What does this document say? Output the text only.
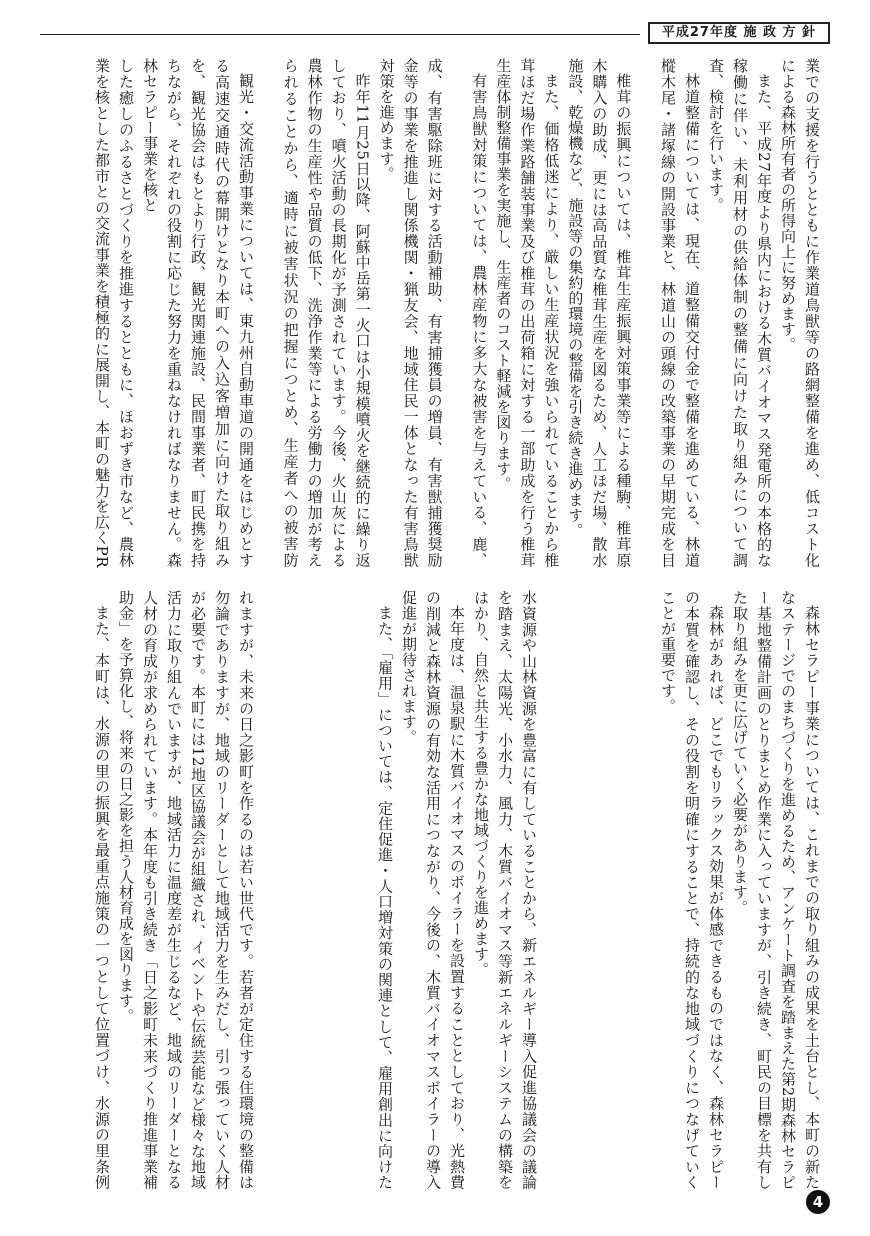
平成27年度 施 政 方 針

業での支援を行うとともに作業道鳥獣等の路網整備を進め、低コスト化による森林所有者の所得向上に努めます。

また、平成27年度より県内における木質バイオマス発電所の本格的な稼働に伴い、未利用材の供給体制の整備に向けた取り組みについて調査、検討を行います。

林道整備については、現在、道整備交付金で整備を進めている、林道樅木尾・諸塚線の開設事業と、林道山の頭線の改築事業の早期完成を目

椎茸の振興については、椎茸生産振興対策事業等による種駒、椎茸原木購入の助成、更には高品質な椎茸生産を図るため、人工ほだ場、散水施設、乾燥機など、施設等の集約的環境の整備を引き続き進めます。

また、価格低迷により、厳しい生産状況を強いられていることから椎茸ほだ場作業路舗装事業及び椎茸の出荷箱に対する一部助成を行う椎茸生産体制整備事業を実施し、生産者のコスト軽減を図ります。

有害鳥獣対策については、農林産物に多大な被害を与えている、鹿、

成、有害駆除班に対する活動補助、有害捕獲員の増員、有害獣捕獲奨励金等の事業を推進し関係機関・猟友会、地域住民一体となった有害鳥獣対策を進めます。

昨年11月25日以降、阿蘇中岳第一火口は小規模噴火を継続的に繰り返しており、噴火活動の長期化が予測されています。今後、火山灰による農林作物の生産性や品質の低下、洗浄作業等による労働力の増加が考えられることから、適時に被害状況の把握につとめ、生産者への被害防

観光・交流活動事業については、東九州自動車道の開通をはじめとする高速交通時代の幕開けとなり本町への入込客増加に向けた取り組みを、観光協会はもとより行政、観光関連施設、民間事業者、町民携を持ちながら、それぞれの役割に応じた努力を重ねなければなりません。森林セラピー事業を核と

した癒しのふるさとづくりを推進するとともに、ほおずき市など、農林業を核とした都市との交流事業を積極的に展開し、本町の魅力を広くPR

森林セラピー事業については、これまでの取り組みの成果を土台とし、本町の新たなステージでのまちづくりを進めるため、アンケート調査を踏まえた第2期森林セラピー基地整備計画のとりまとめ作業に入っていますが、引き続き、町民の目標を共有した取り組みを更に広げていく必要があります。

森林があれば、どこでもリラックス効果が体感できるものではなく、森林セラピーの本質を確認し、その役割を明確にすることで、持続的な地域づくりにつなげていくことが重要です。

水資源や山林資源を豊富に有していることから、新エネルギー導入促進協議会の議論を踏まえ、太陽光、小水力、風力、木質バイオマス等新エネルギーシステムの構築をはかり、自然と共生する豊かな地域づくりを進めます。

本年度は、温泉駅に木質バイオマスのボイラーを設置することとしており、光熱費の削減と森林資源の有効な活用につながり、今後の、木質バイオマスボイラーの導入促進が期待されます。

また、「雇用」については、定住促進・人口増対策の関連として、雇用創出に向けた

れますが、未来の日之影町を作るのは若い世代です。若者が定住する住環境の整備は勿論でありますが、地域のリーダーとして地域活力を生みだし、引っ張っていく人材が必要です。本町には12地区協議会が組織され、イベントや伝統芸能など様々な地域活力に取り組んでいますが、地域活力に温度差が生じるなど、地域のリーダーとなる人材の育成が求められています。本年度も引き続き「日之影町未来づくり推進事業補助金」を予算化し、将来の日之影を担う人材育成を図ります。

また、本町は、水源の里の振興を最重点施策の一つとして位置づけ、水源の里条例

4
